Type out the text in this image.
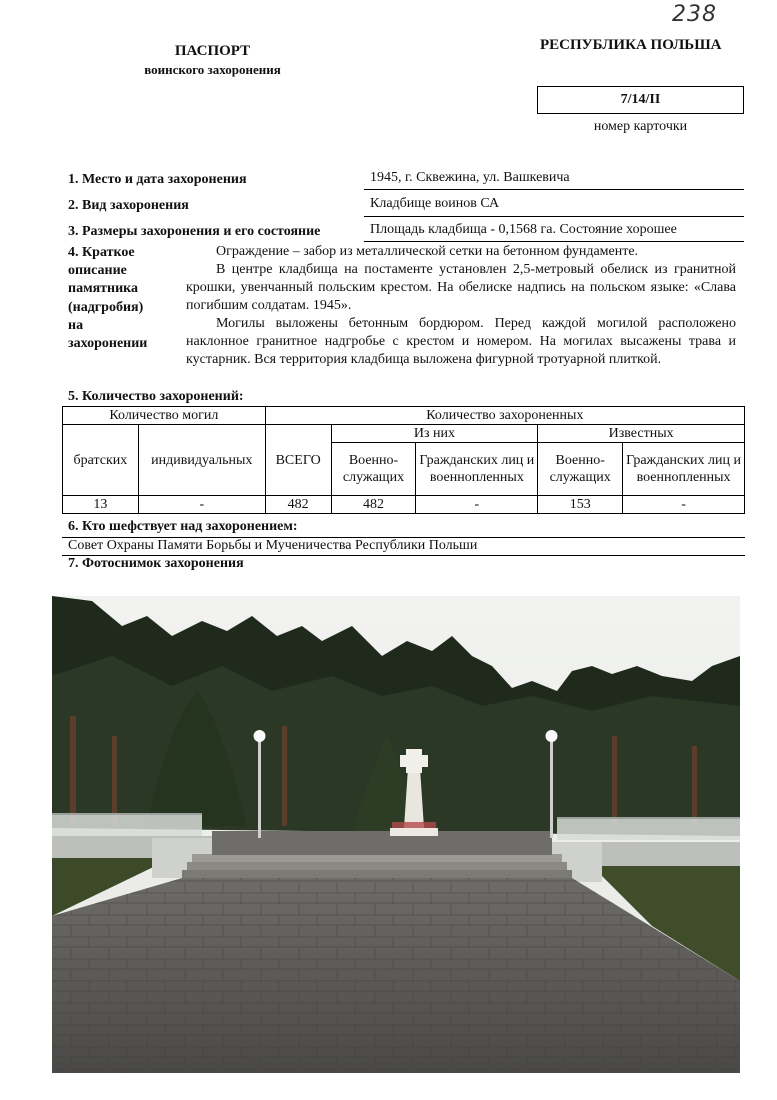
238
ПАСПОРТ
воинского захоронения
РЕСПУБЛИКА ПОЛЬША
7/14/II
номер карточки
1. Место и дата захоронения	1945, г. Сквежина, ул. Вашкевича
2. Вид захоронения	Кладбище воинов СА
3. Размеры захоронения и его состояние	Площадь кладбища - 0,1568 га. Состояние хорошее
4. Краткое
описание
памятника
(надгробия)
на
захоронении

Ограждение – забор из металлической сетки на бетонном фундаменте.

В центре кладбища на постаменте установлен 2,5-метровый обелиск из гранитной крошки, увенчанный польским крестом. На обелиске надпись на польском языке: «Слава погибшим солдатам. 1945».

Могилы выложены бетонным бордюром. Перед каждой могилой расположено наклонное гранитное надгробье с крестом и номером. На могилах высажены трава и кустарник. Вся территория кладбища выложена фигурной тротуарной плиткой.

5. Количество захоронений:
Количество могил		Количество захороненных				
братских	индивидуальных	ВСЕГО	Из них		Известных	
			Военно-служащих	Гражданских лиц и военнопленных	Военно-служащих	Гражданских лиц и военнопленных
13	-	482	482	-	153	-
6. Кто шефствует над захоронением:
Совет Охраны Памяти Борьбы и Мученичества Республики Польши
7. Фотоснимок захоронения
